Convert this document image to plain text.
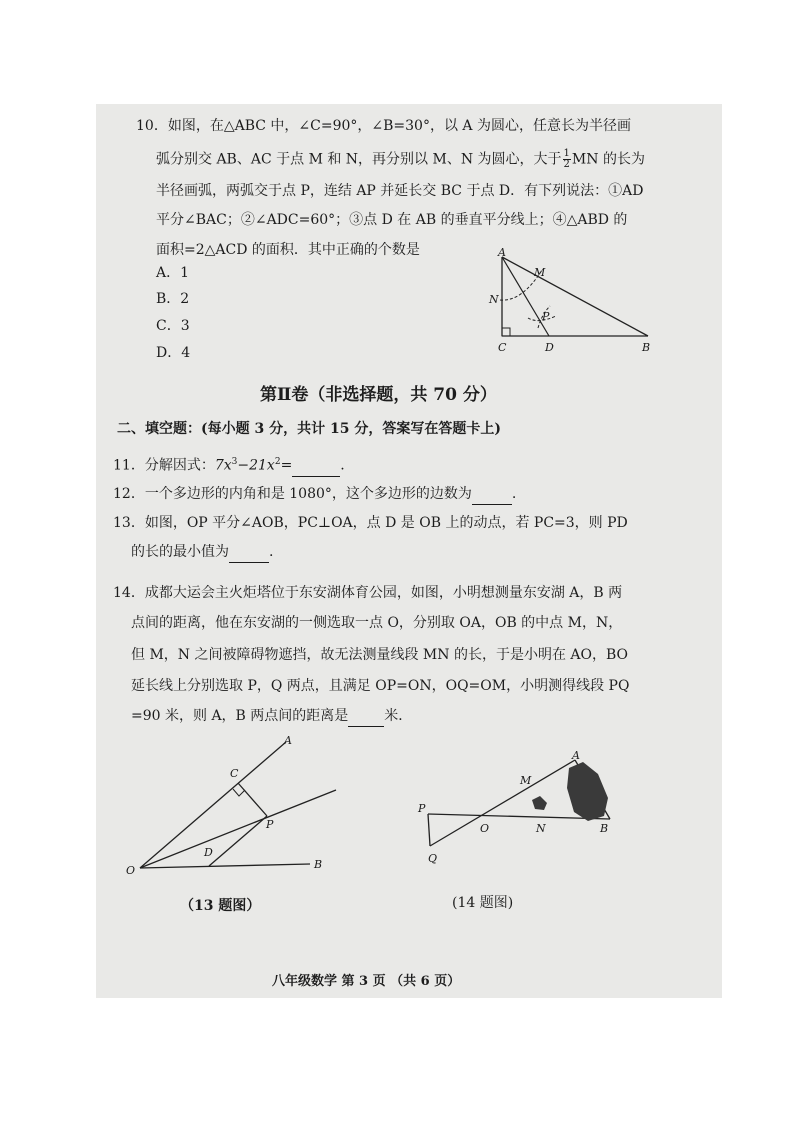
10．如图，在△ABC 中，∠C=90°，∠B=30°，以 A 为圆心，任意长为半径画
弧分别交 AB、AC 于点 M 和 N，再分别以 M、N 为圆心，大于 $\frac{1}{2}$ MN 的长为
半径画弧，两弧交于点 P，连结 AP 并延长交 BC 于点 D．有下列说法：①AD
平分∠BAC；②∠ADC=60°；③点 D 在 AB 的垂直平分线上；④△ABD 的
面积=2△ACD 的面积．其中正确的个数是
A．1
B．2
C．3
D．4
A
M
N
P
C	D	B
第Ⅱ卷（非选择题，共 70 分）
二、填空题：(每小题 3 分，共计 15 分，答案写在答题卡上)
11．分解因式：$7x^3-21x^2=$	.
12．一个多边形的内角和是 1080°，这个多边形的边数为	.
13．如图，OP 平分∠AOB，PC⊥OA，点 D 是 OB 上的动点，若 PC=3，则 PD
的长的最小值为	.
14．成都大运会主火炬塔位于东安湖体育公园，如图，小明想测量东安湖 A，B 两
点间的距离，他在东安湖的一侧选取一点 O，分别取 OA，OB 的中点 M，N，
但 M，N 之间被障碍物遮挡，故无法测量线段 MN 的长，于是小明在 AO，BO
延长线上分别选取 P，Q 两点，且满足 OP=ON，OQ=OM，小明测得线段 PQ
=90 米，则 A，B 两点间的距离是	米．
A
C
P
O
D
B
（13 题图）
A
M
P
O	N	B
Q
(14 题图)
八年级数学 第 3 页 （共 6 页）
